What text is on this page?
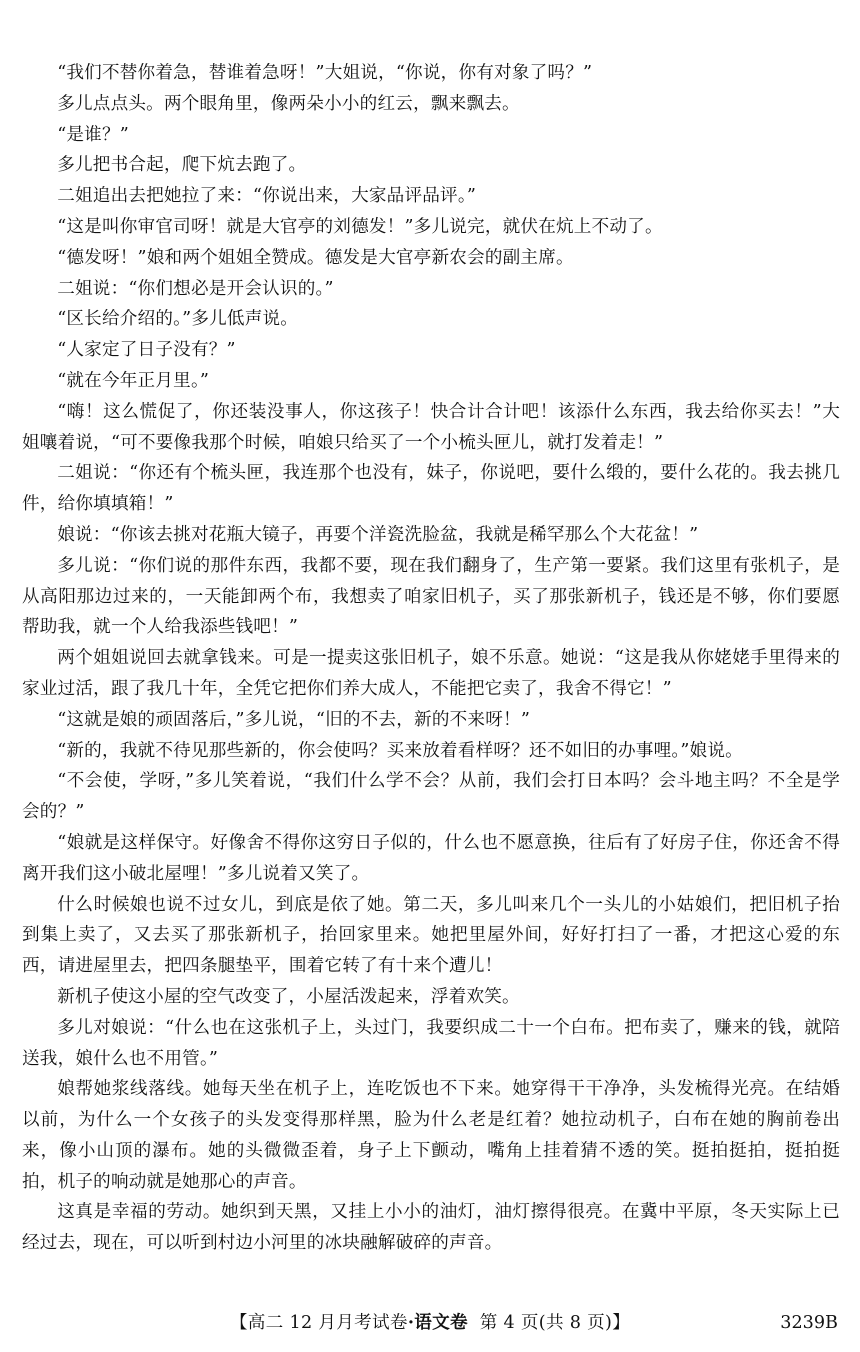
“我们不替你着急，替谁着急呀！”大姐说，“你说，你有对象了吗？”

多儿点点头。两个眼角里，像两朵小小的红云，飘来飘去。

“是谁？”

多儿把书合起，爬下炕去跑了。

二姐追出去把她拉了来：“你说出来，大家品评品评。”

“这是叫你审官司呀！就是大官亭的刘德发！”多儿说完，就伏在炕上不动了。

“德发呀！”娘和两个姐姐全赞成。德发是大官亭新农会的副主席。

二姐说：“你们想必是开会认识的。”

“区长给介绍的。”多儿低声说。

“人家定了日子没有？”

“就在今年正月里。”

“嗨！这么慌促了，你还装没事人，你这孩子！快合计合计吧！该添什么东西，我去给你买去！”大姐嚷着说，“可不要像我那个时候，咱娘只给买了一个小梳头匣儿，就打发着走！”

二姐说：“你还有个梳头匣，我连那个也没有，妹子，你说吧，要什么缎的，要什么花的。我去挑几件，给你填填箱！”

娘说：“你该去挑对花瓶大镜子，再要个洋瓷洗脸盆，我就是稀罕那么个大花盆！”

多儿说：“你们说的那件东西，我都不要，现在我们翻身了，生产第一要紧。我们这里有张机子，是从高阳那边过来的，一天能卸两个布，我想卖了咱家旧机子，买了那张新机子，钱还是不够，你们要愿帮助我，就一个人给我添些钱吧！”

两个姐姐说回去就拿钱来。可是一提卖这张旧机子，娘不乐意。她说：“这是我从你姥姥手里得来的家业过活，跟了我几十年，全凭它把你们养大成人，不能把它卖了，我舍不得它！”

“这就是娘的顽固落后，”多儿说，“旧的不去，新的不来呀！”

“新的，我就不待见那些新的，你会使吗？买来放着看样呀？还不如旧的办事哩。”娘说。

“不会使，学呀，”多儿笑着说，“我们什么学不会？从前，我们会打日本吗？会斗地主吗？不全是学会的？”

“娘就是这样保守。好像舍不得你这穷日子似的，什么也不愿意换，往后有了好房子住，你还舍不得离开我们这小破北屋哩！”多儿说着又笑了。

什么时候娘也说不过女儿，到底是依了她。第二天，多儿叫来几个一头儿的小姑娘们，把旧机子抬到集上卖了，又去买了那张新机子，抬回家里来。她把里屋外间，好好打扫了一番，才把这心爱的东西，请进屋里去，把四条腿垫平，围着它转了有十来个遭儿！

新机子使这小屋的空气改变了，小屋活泼起来，浮着欢笑。

多儿对娘说：“什么也在这张机子上，头过门，我要织成二十一个白布。把布卖了，赚来的钱，就陪送我，娘什么也不用管。”

娘帮她浆线落线。她每天坐在机子上，连吃饭也不下来。她穿得干干净净，头发梳得光亮。在结婚以前，为什么一个女孩子的头发变得那样黑，脸为什么老是红着？她拉动机子，白布在她的胸前卷出来，像小山顶的瀑布。她的头微微歪着，身子上下颤动，嘴角上挂着猜不透的笑。挺拍挺拍，挺拍挺拍，机子的响动就是她那心的声音。

这真是幸福的劳动。她织到天黑，又挂上小小的油灯，油灯擦得很亮。在冀中平原，冬天实际上已经过去，现在，可以听到村边小河里的冰块融解破碎的声音。

【高二 12 月月考试卷·语文卷 第 4 页(共 8 页)】	3239B
